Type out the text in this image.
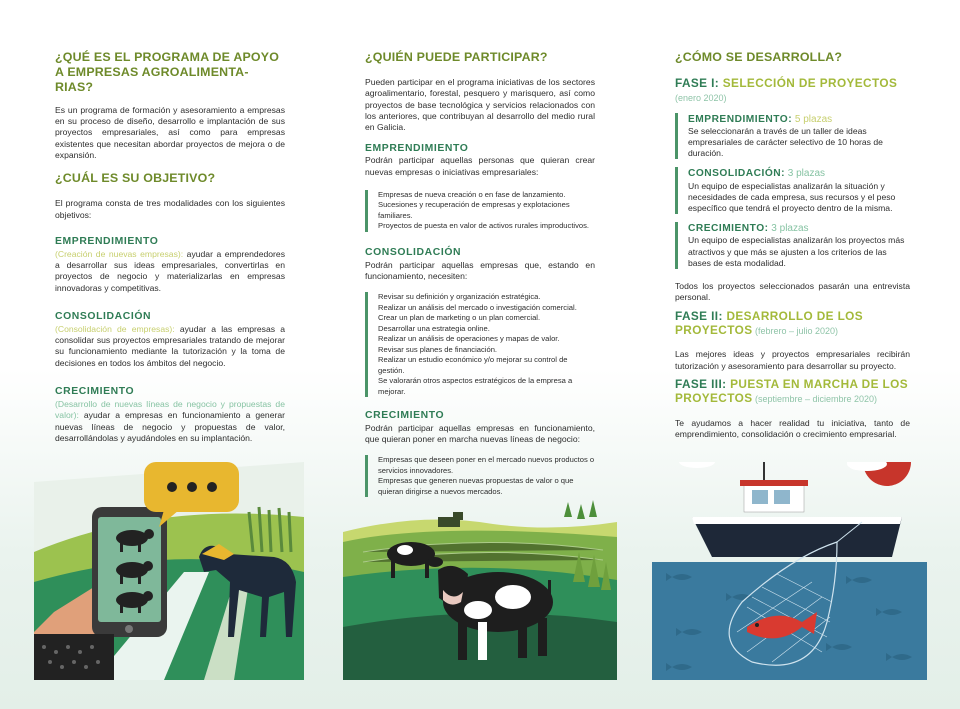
¿QUÉ ES EL PROGRAMA DE APOYO A EMPRESAS AGROALIMENTA-RIAS?

Es un programa de formación y asesoramiento a empresas en su proceso de diseño, desarrollo e implantación de sus proyectos empresariales, así como para empresas existentes que necesitan abordar proyectos de mejora o de expansión.

¿CUÁL ES SU OBJETIVO?

El programa consta de tres modalidades con los siguientes objetivos:

EMPRENDIMIENTO

(Creación de nuevas empresas): ayudar a emprendedores a desarrollar sus ideas empresariales, convertirlas en proyectos de negocio y materializarlas en empresas innovadoras y competitivas.

CONSOLIDACIÓN

(Consolidación de empresas): ayudar a las empresas a consolidar sus proyectos empresariales tratando de mejorar su funcionamiento mediante la tutorización y la toma de decisiones en todos los ámbitos del negocio.

CRECIMIENTO

(Desarrollo de nuevas líneas de negocio y propuestas de valor): ayudar a empresas en funcionamiento a generar nuevas líneas de negocio y propuestas de valor, desarrollándolas y ayudándoles en su implantación.

¿QUIÉN PUEDE PARTICIPAR?

Pueden participar en el programa iniciativas de los sectores agroalimentario, forestal, pesquero y marisquero, así como proyectos de base tecnológica y servicios relacionados con los anteriores, que contribuyan al desarrollo del medio rural en Galicia.

EMPRENDIMIENTO

Podrán participar aquellas personas que quieran crear nuevas empresas o iniciativas empresariales:

Empresas de nueva creación o en fase de lanzamiento.
Sucesiones y recuperación de empresas y explotaciones familiares.
Proyectos de puesta en valor de activos rurales improductivos.
CONSOLIDACIÓN

Podrán participar aquellas empresas que, estando en funcionamiento, necesiten:

Revisar su definición y organización estratégica.
Realizar un análisis del mercado o investigación comercial.
Crear un plan de marketing o un plan comercial.
Desarrollar una estrategia online.
Realizar un análisis de operaciones y mapas de valor.
Revisar sus planes de financiación.
Realizar un estudio económico y/o mejorar su control de gestión.
Se valorarán otros aspectos estratégicos de la empresa a mejorar.
CRECIMIENTO

Podrán participar aquellas empresas en funcionamiento, que quieran poner en marcha nuevas líneas de negocio:

Empresas que deseen poner en el mercado nuevos productos o servicios innovadores.
Empresas que generen nuevas propuestas de valor o que quieran dirigirse a nuevos mercados.
¿CÓMO SE DESARROLLA?
FASE I: SELECCIÓN DE PROYECTOS
(enero 2020)
EMPRENDIMIENTO: 5 plazas
Se seleccionarán a través de un taller de ideas empresariales de carácter selectivo de 10 horas de duración.
CONSOLIDACIÓN: 3 plazas
Un equipo de especialistas analizarán la situación y necesidades de cada empresa, sus recursos y el peso específico que tendrá el proyecto dentro de la misma.
CRECIMIENTO: 3 plazas
Un equipo de especialistas analizarán los proyectos más atractivos y que más se ajusten a los criterios de las bases de esta modalidad.

Todos los proyectos seleccionados pasarán una entrevista personal.

FASE II: DESARROLLO DE LOS PROYECTOS (febrero – julio 2020)

Las mejores ideas y proyectos empresariales recibirán tutorización y asesoramiento para desarrollar su proyecto.

FASE III: PUESTA EN MARCHA DE LOS PROYECTOS (septiembre – diciembre 2020)

Te ayudamos a hacer realidad tu iniciativa, tanto de emprendimiento, consolidación o crecimiento empresarial.
